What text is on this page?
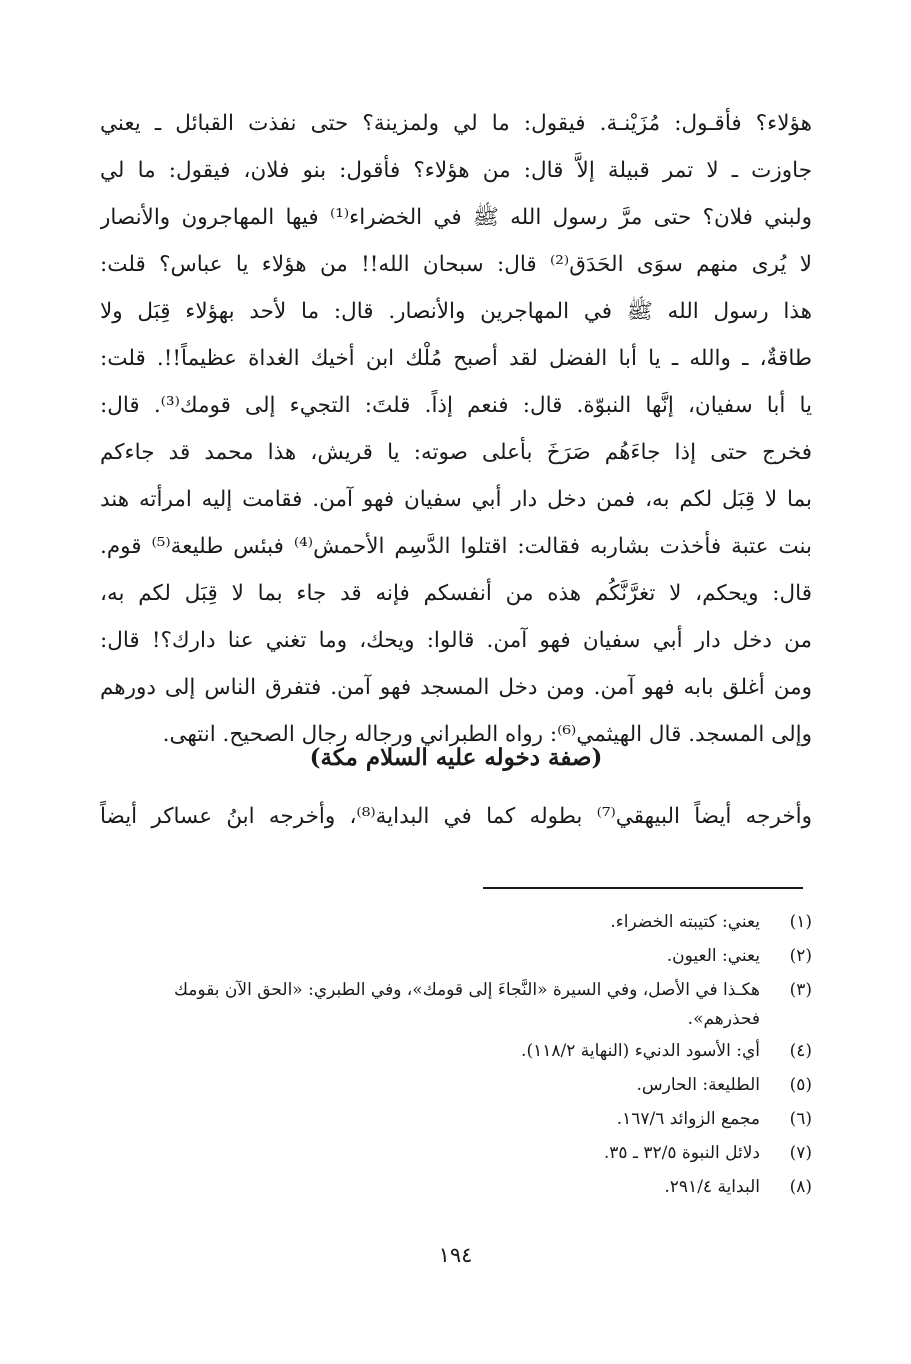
هؤلاء؟ فأقـول: مُزَيْنـة. فيقول: ما لي ولمزينة؟ حتى نفذت القبائل ـ يعني
جاوزت ـ لا تمر قبيلة إلاَّ قال: من هؤلاء؟ فأقول: بنو فلان، فيقول: ما لي
ولبني فلان؟ حتى مرَّ رسول الله ﷺ في الخضراء⁽¹⁾ فيها المهاجرون والأنصار
لا يُرى منهم سوَى الحَدَق⁽²⁾ قال: سبحان الله!! من هؤلاء يا عباس؟ قلت:
هذا رسول الله ﷺ في المهاجرين والأنصار. قال: ما لأحد بهؤلاء قِبَل ولا
طاقةٌ، ـ والله ـ يا أبا الفضل لقد أصبح مُلْك ابن أخيك الغداة عظيماً!!. قلت:
يا أبا سفيان، إنَّها النبوّة. قال: فنعم إذاً. قلتَ: التجيء إلى قومك⁽³⁾. قال:
فخرج حتى إذا جاءَهُم صَرَخَ بأعلى صوته: يا قريش، هذا محمد قد جاءكم
بما لا قِبَل لكم به، فمن دخل دار أبي سفيان فهو آمن. فقامت إليه امرأته هند
بنت عتبة فأخذت بشاربه فقالت: اقتلوا الدَّسِم الأحمش⁽⁴⁾ فبئس طليعة⁽⁵⁾ قوم.
قال: ويحكم، لا تغرَّنَّكُم هذه من أنفسكم فإنه قد جاء بما لا قِبَل لكم به،
من دخل دار أبي سفيان فهو آمن. قالوا: ويحك، وما تغني عنا دارك؟! قال:
ومن أغلق بابه فهو آمن. ومن دخل المسجد فهو آمن. فتفرق الناس إلى دورهم
وإلى المسجد. قال الهيثمي⁽⁶⁾: رواه الطبراني ورجاله رجال الصحيح. انتهى.
(صفة دخوله عليه السلام مكة)
وأخرجه أيضاً البيهقي⁽⁷⁾ بطوله كما في البداية⁽⁸⁾، وأخرجه ابنُ عساكر أيضاً
(١)
يعني: كتيبته الخضراء.
(٢)
يعني: العيون.
(٣)
هكـذا في الأصل، وفي السيرة «النَّجاءَ إلى قومك»، وفي الطبري: «الحق الآن بقومك فحذرهم».
(٤)
أي: الأسود الدنيء (النهاية ١١٨/٢).
(٥)
الطليعة: الحارس.
(٦)
مجمع الزوائد ١٦٧/٦.
(٧)
دلائل النبوة ٣٢/٥ ـ ٣٥.
(٨)
البداية ٢٩١/٤.
١٩٤
